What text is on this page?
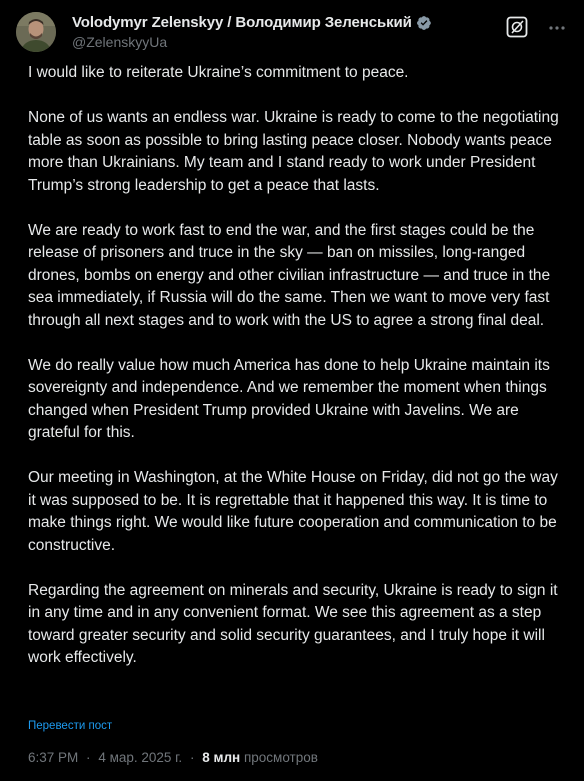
Volodymyr Zelenskyy / Володимир Зеленський
@ZelenskyyUa

I would like to reiterate Ukraine’s commitment to peace.

None of us wants an endless war. Ukraine is ready to come to the negotiating table as soon as possible to bring lasting peace closer. Nobody wants peace more than Ukrainians. My team and I stand ready to work under President Trump’s strong leadership to get a peace that lasts.

We are ready to work fast to end the war, and the first stages could be the release of prisoners and truce in the sky — ban on missiles, long-ranged drones, bombs on energy and other civilian infrastructure — and truce in the sea immediately, if Russia will do the same. Then we want to move very fast through all next stages and to work with the US to agree a strong final deal.

We do really value how much America has done to help Ukraine maintain its sovereignty and independence. And we remember the moment when things changed when President Trump provided Ukraine with Javelins. We are grateful for this.

Our meeting in Washington, at the White House on Friday, did not go the way it was supposed to be. It is regrettable that it happened this way. It is time to make things right. We would like future cooperation and communication to be constructive.

Regarding the agreement on minerals and security, Ukraine is ready to sign it in any time and in any convenient format. We see this agreement as a step toward greater security and solid security guarantees, and I truly hope it will work effectively.

Перевести пост
6:37 PM · 4 мар. 2025 г. · 8 млн просмотров
